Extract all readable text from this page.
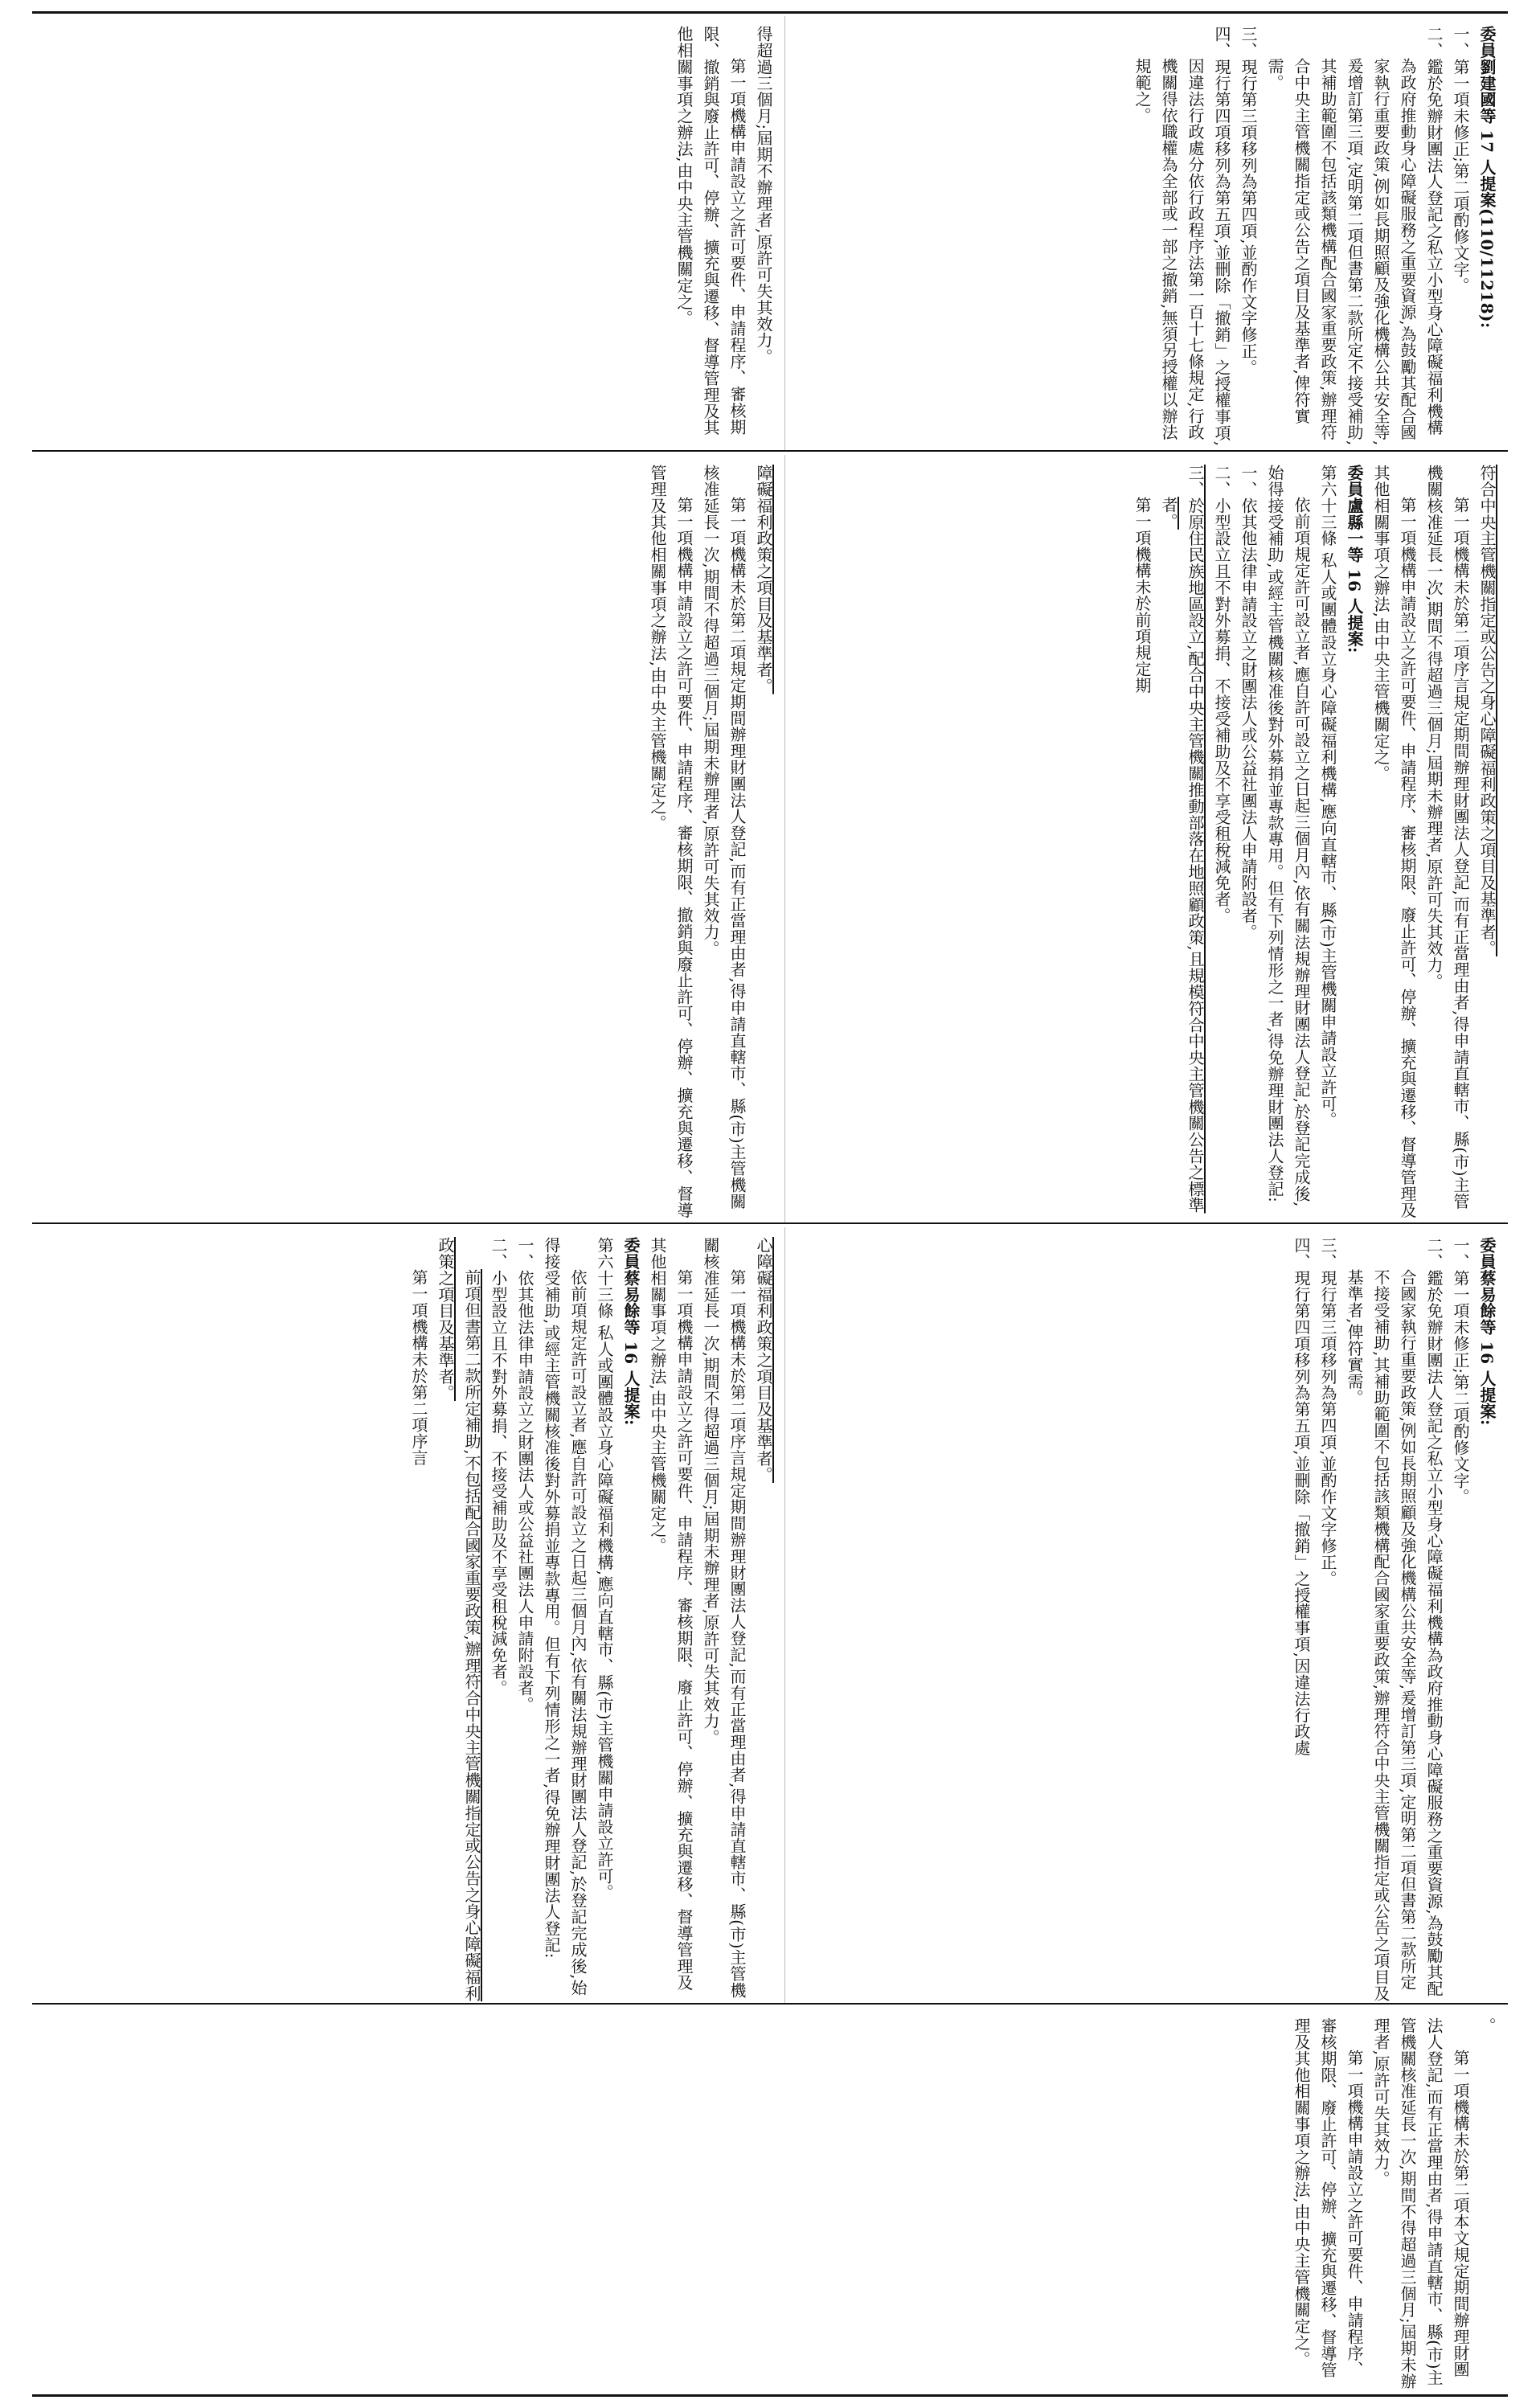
委員劉建國等 17 人提案(110/11218):

一、第一項未修正;第二項酌修文字。

二、鑑於免辦財團法人登記之私立小型身心障礙福利機構為政府推動身心障礙服務之重要資源,為鼓勵其配合國家執行重要政策,例如長期照顧及強化機構公共安全等,爰增訂第三項,定明第二項但書第二款所定不接受補助,其補助範圍不包括該類機構配合國家重要政策,辦理符合中央主管機關指定或公告之項目及基準者,俾符實需。

三、現行第三項移列為第四項,並酌作文字修正。

四、現行第四項移列為第五項,並刪除「撤銷」之授權事項,因違法行政處分依行政程序法第一百十七條規定,行政機關得依職權為全部或一部之撤銷,無須另授權以辦法規範之。

得超過三個月;屆期不辦理者,原許可失其效力。

第一項機構申請設立之許可要件、申請程序、審核期限、撤銷與廢止許可、停辦、擴充與遷移、督導管理及其他相關事項之辦法,由中央主管機關定之。

符合中央主管機關指定或公告之身心障礙福利政策之項目及基準者。

第一項機構未於第二項序言規定期間辦理財團法人登記,而有正當理由者,得申請直轄市、縣(市)主管機關核准延長一次,期間不得超過三個月;屆期未辦理者,原許可失其效力。

第一項機構申請設立之許可要件、申請程序、審核期限、廢止許可、停辦、擴充與遷移、督導管理及其他相關事項之辦法,由中央主管機關定之。

委員盧縣一等 16 人提案:

第六十三條 私人或團體設立身心障礙福利機構,應向直轄市、縣(市)主管機關申請設立許可。

依前項規定許可設立者,應自許可設立之日起三個月內,依有關法規辦理財團法人登記,於登記完成後,始得接受補助,或經主管機關核准後對外募捐並專款專用。但有下列情形之一者,得免辦理財團法人登記:

一、依其他法律申請設立之財團法人或公益社團法人申請附設者。

二、小型設立且不對外募捐、不接受補助及不享受租稅減免者。

三、於原住民族地區設立,配合中央主管機關推動部落在地照顧政策,且規模符合中央主管機關公告之標準者。

第一項機構未於前項規定期

障礙福利政策之項目及基準者。

第一項機構未於第二項規定期間辦理財團法人登記,而有正當理由者,得申請直轄市、縣(市)主管機關核准延長一次,期間不得超過三個月;屆期未辦理者,原許可失其效力。

第一項機構申請設立之許可要件、申請程序、審核期限、撤銷與廢止許可、停辦、擴充與遷移、督導管理及其他相關事項之辦法,由中央主管機關定之。

委員蔡易餘等 16 人提案:

一、第一項未修正;第二項酌修文字。

二、鑑於免辦財團法人登記之私立小型身心障礙福利機構為政府推動身心障礙服務之重要資源,為鼓勵其配合國家執行重要政策,例如長期照顧及強化機構公共安全等,爰增訂第三項,定明第二項但書第二款所定不接受補助,其補助範圍不包括該類機構配合國家重要政策,辦理符合中央主管機關指定或公告之項目及基準者,俾符實需。

三、現行第三項移列為第四項,並酌作文字修正。

四、現行第四項移列為第五項,並刪除「撤銷」之授權事項,因違法行政處

心障礙福利政策之項目及基準者。

第一項機構未於第二項序言規定期間辦理財團法人登記,而有正當理由者,得申請直轄市、縣(市)主管機關核准延長一次,期間不得超過三個月;屆期未辦理者,原許可失其效力。

第一項機構申請設立之許可要件、申請程序、審核期限、廢止許可、停辦、擴充與遷移、督導管理及其他相關事項之辦法,由中央主管機關定之。

委員蔡易餘等 16 人提案:

第六十三條 私人或團體設立身心障礙福利機構,應向直轄市、縣(市)主管機關申請設立許可。

依前項規定許可設立者,應自許可設立之日起三個月內,依有關法規辦理財團法人登記,於登記完成後,始得接受補助,或經主管機關核准後對外募捐並專款專用。但有下列情形之一者,得免辦理財團法人登記:

一、依其他法律申請設立之財團法人或公益社團法人申請附設者。

二、小型設立且不對外募捐、不接受補助及不享受租稅減免者。

前項但書第二款所定補助,不包括配合國家重要政策,辦理符合中央主管機關指定或公告之身心障礙福利政策之項目及基準者。

第一項機構未於第二項序言

。

第一項機構未於第二項本文規定期間辦理財團法人登記,而有正當理由者,得申請直轄市、縣(市)主管機關核准延長一次,期間不得超過三個月;屆期未辦理者,原許可失其效力。

第一項機構申請設立之許可要件、申請程序、審核期限、廢止許可、停辦、擴充與遷移、督導管理及其他相關事項之辦法,由中央主管機關定之。
